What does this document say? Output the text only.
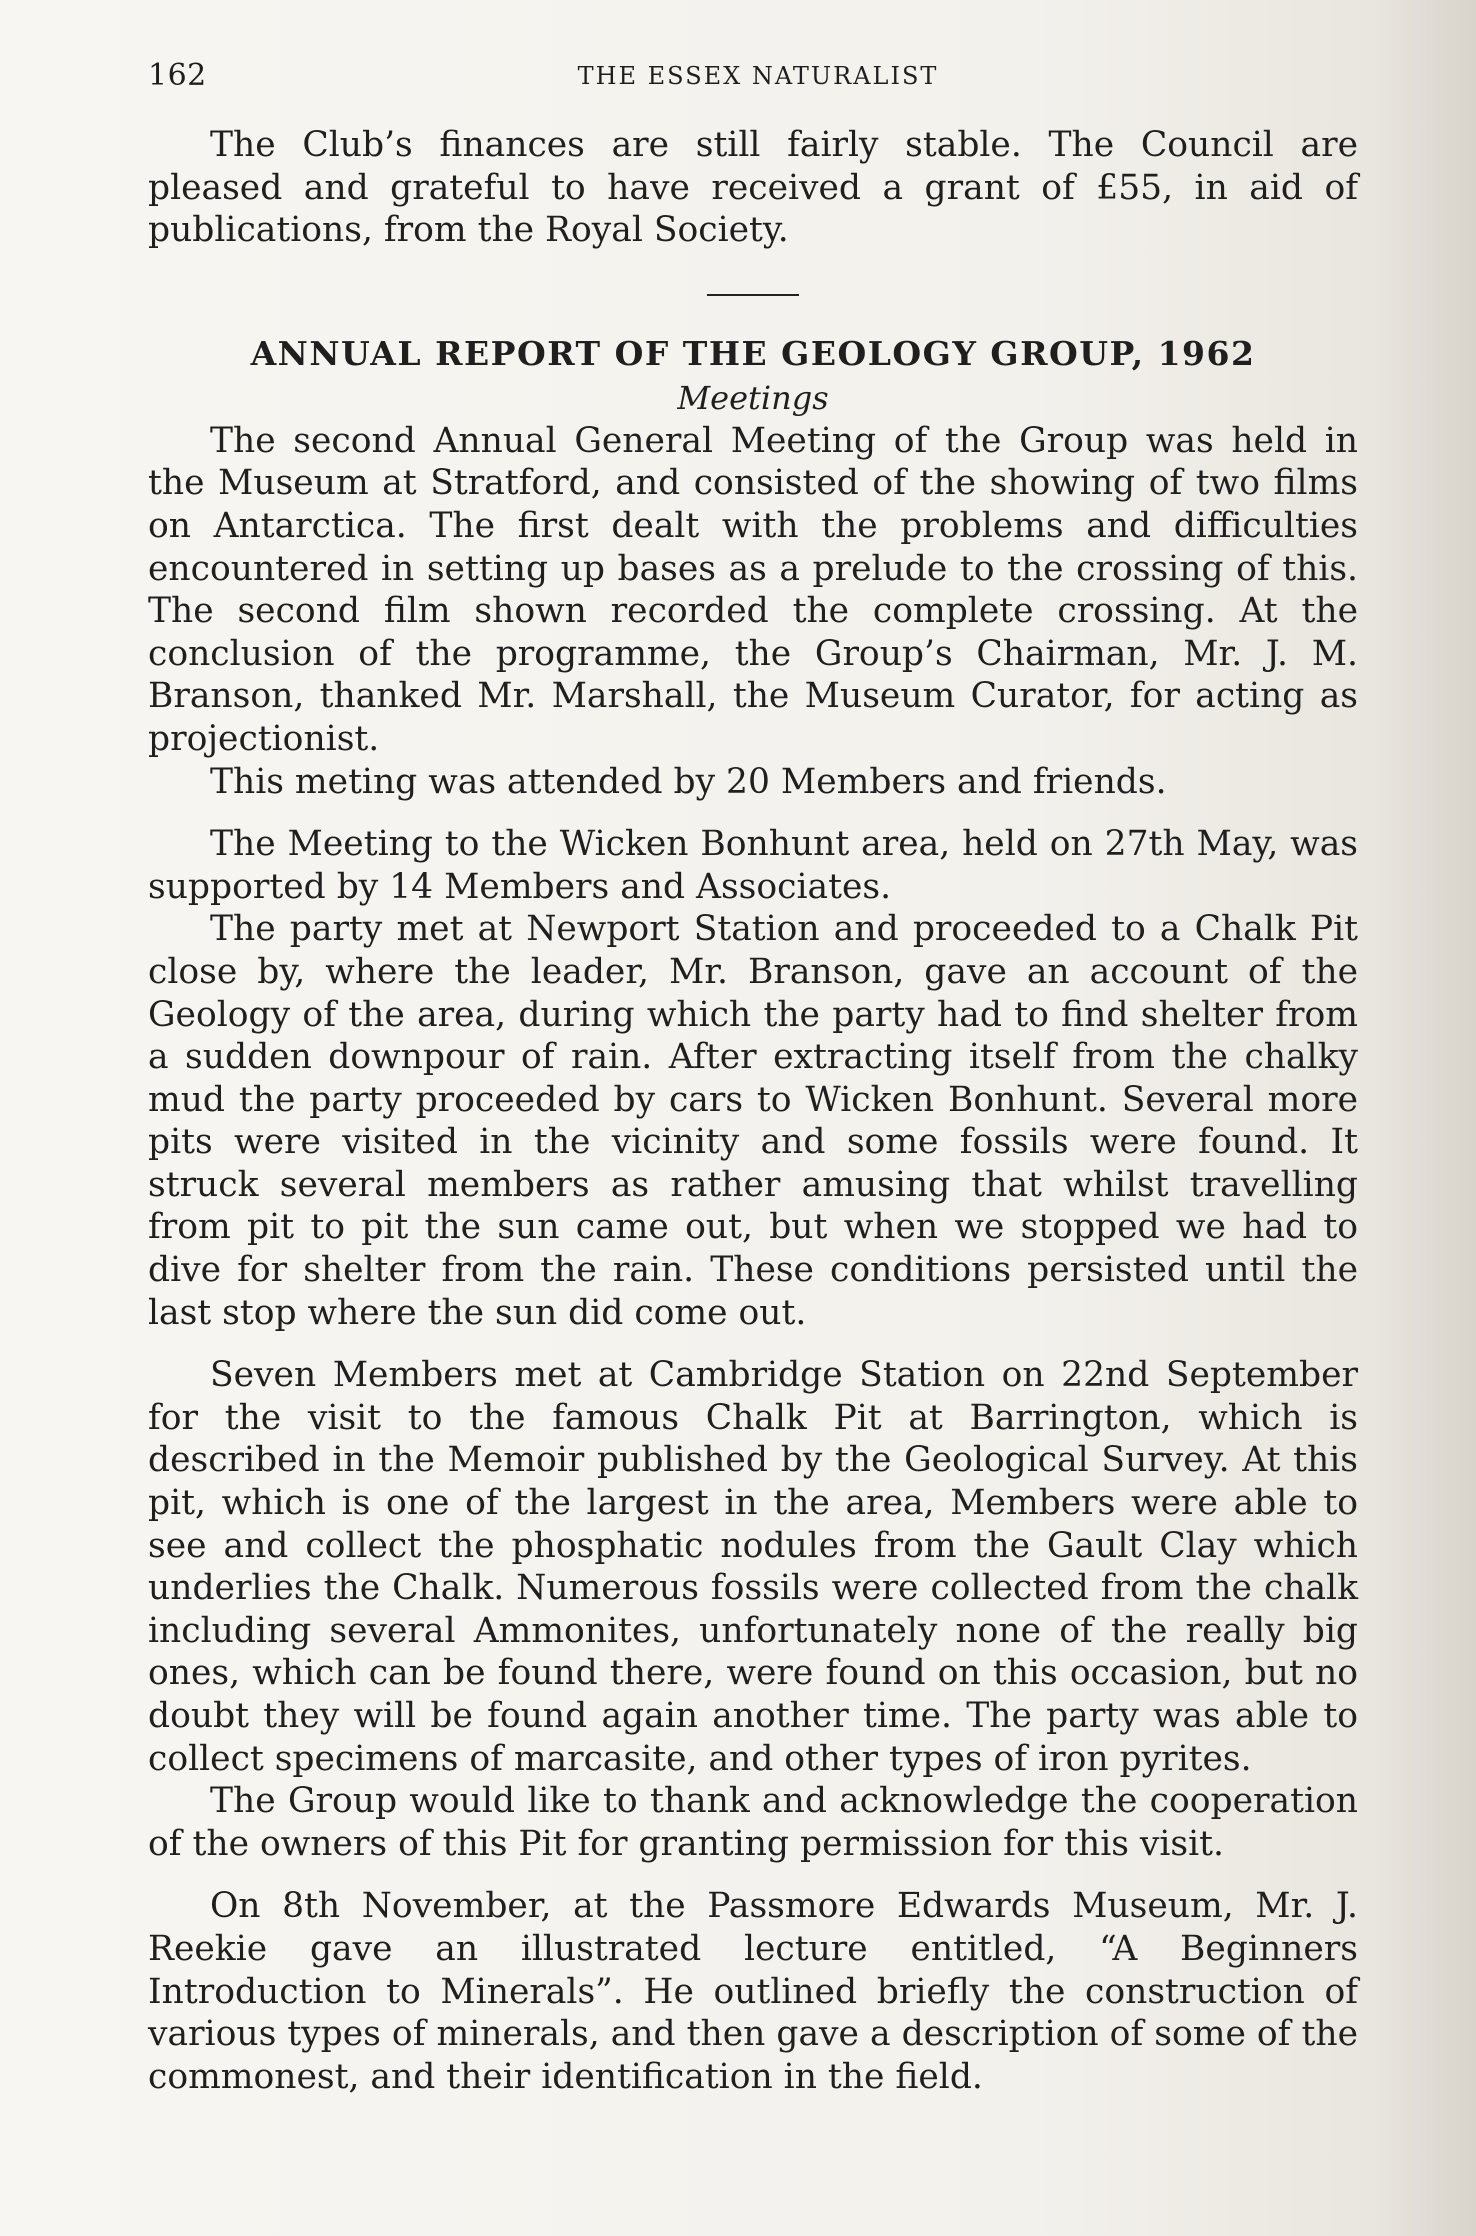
162	THE ESSEX NATURALIST

The Club’s finances are still fairly stable. The Council are pleased and grateful to have received a grant of £55, in aid of publications, from the Royal Society.

ANNUAL REPORT OF THE GEOLOGY GROUP, 1962
Meetings

The second Annual General Meeting of the Group was held in the Museum at Stratford, and consisted of the showing of two films on Antarctica. The first dealt with the problems and difficulties encountered in setting up bases as a prelude to the crossing of this. The second film shown recorded the complete crossing. At the conclusion of the programme, the Group’s Chairman, Mr. J. M. Branson, thanked Mr. Marshall, the Museum Curator, for acting as projectionist.

This meting was attended by 20 Members and friends.

The Meeting to the Wicken Bonhunt area, held on 27th May, was supported by 14 Members and Associates.

The party met at Newport Station and proceeded to a Chalk Pit close by, where the leader, Mr. Branson, gave an account of the Geology of the area, during which the party had to find shelter from a sudden downpour of rain. After extracting itself from the chalky mud the party proceeded by cars to Wicken Bonhunt. Several more pits were visited in the vicinity and some fossils were found. It struck several members as rather amusing that whilst travelling from pit to pit the sun came out, but when we stopped we had to dive for shelter from the rain. These conditions persisted until the last stop where the sun did come out.

Seven Members met at Cambridge Station on 22nd September for the visit to the famous Chalk Pit at Barrington, which is described in the Memoir published by the Geological Survey. At this pit, which is one of the largest in the area, Members were able to see and collect the phosphatic nodules from the Gault Clay which underlies the Chalk. Numerous fossils were collected from the chalk including several Ammonites, unfortunately none of the really big ones, which can be found there, were found on this occasion, but no doubt they will be found again another time. The party was able to collect specimens of marcasite, and other types of iron pyrites.

The Group would like to thank and acknowledge the cooperation of the owners of this Pit for granting permission for this visit.

On 8th November, at the Passmore Edwards Museum, Mr. J. Reekie gave an illustrated lecture entitled, “A Beginners Introduction to Minerals”. He outlined briefly the construction of various types of minerals, and then gave a description of some of the commonest, and their identification in the field.
